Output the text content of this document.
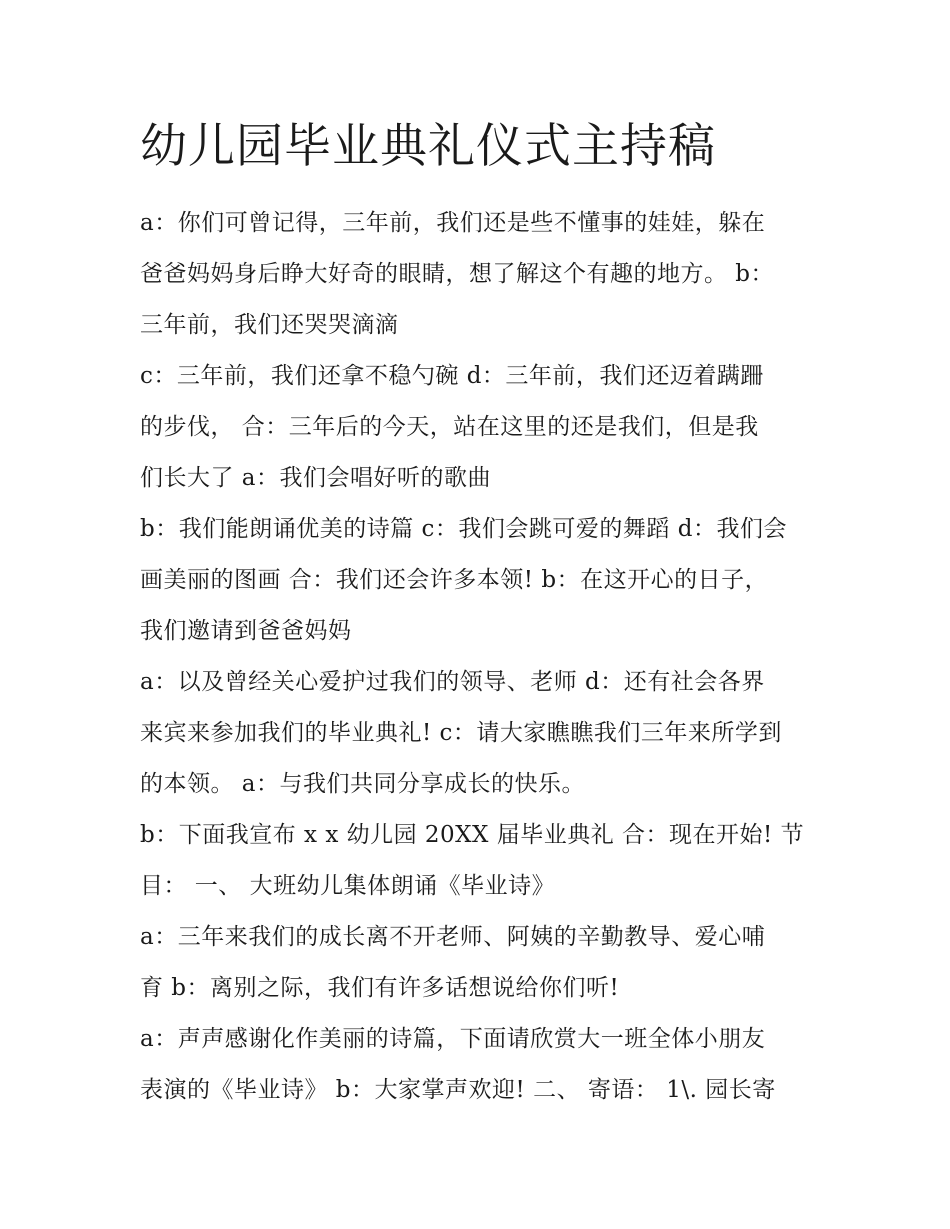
幼儿园毕业典礼仪式主持稿
a：你们可曾记得，三年前，我们还是些不懂事的娃娃，躲在
爸爸妈妈身后睁大好奇的眼睛，想了解这个有趣的地方。 b：
三年前，我们还哭哭滴滴
c：三年前，我们还拿不稳勺碗 d：三年前，我们还迈着蹒跚
的步伐， 合：三年后的今天，站在这里的还是我们，但是我
们长大了 a：我们会唱好听的歌曲
b：我们能朗诵优美的诗篇 c：我们会跳可爱的舞蹈 d：我们会
画美丽的图画 合：我们还会许多本领! b：在这开心的日子，
我们邀请到爸爸妈妈
a：以及曾经关心爱护过我们的领导、老师 d：还有社会各界
来宾来参加我们的毕业典礼! c：请大家瞧瞧我们三年来所学到
的本领。 a：与我们共同分享成长的快乐。
b：下面我宣布 x x 幼儿园 20XX 届毕业典礼 合：现在开始! 节
目： 一、 大班幼儿集体朗诵《毕业诗》
a：三年来我们的成长离不开老师、阿姨的辛勤教导、爱心哺
育 b：离别之际，我们有许多话想说给你们听!
a：声声感谢化作美丽的诗篇，下面请欣赏大一班全体小朋友
表演的《毕业诗》 b：大家掌声欢迎! 二、 寄语： 1\. 园长寄
